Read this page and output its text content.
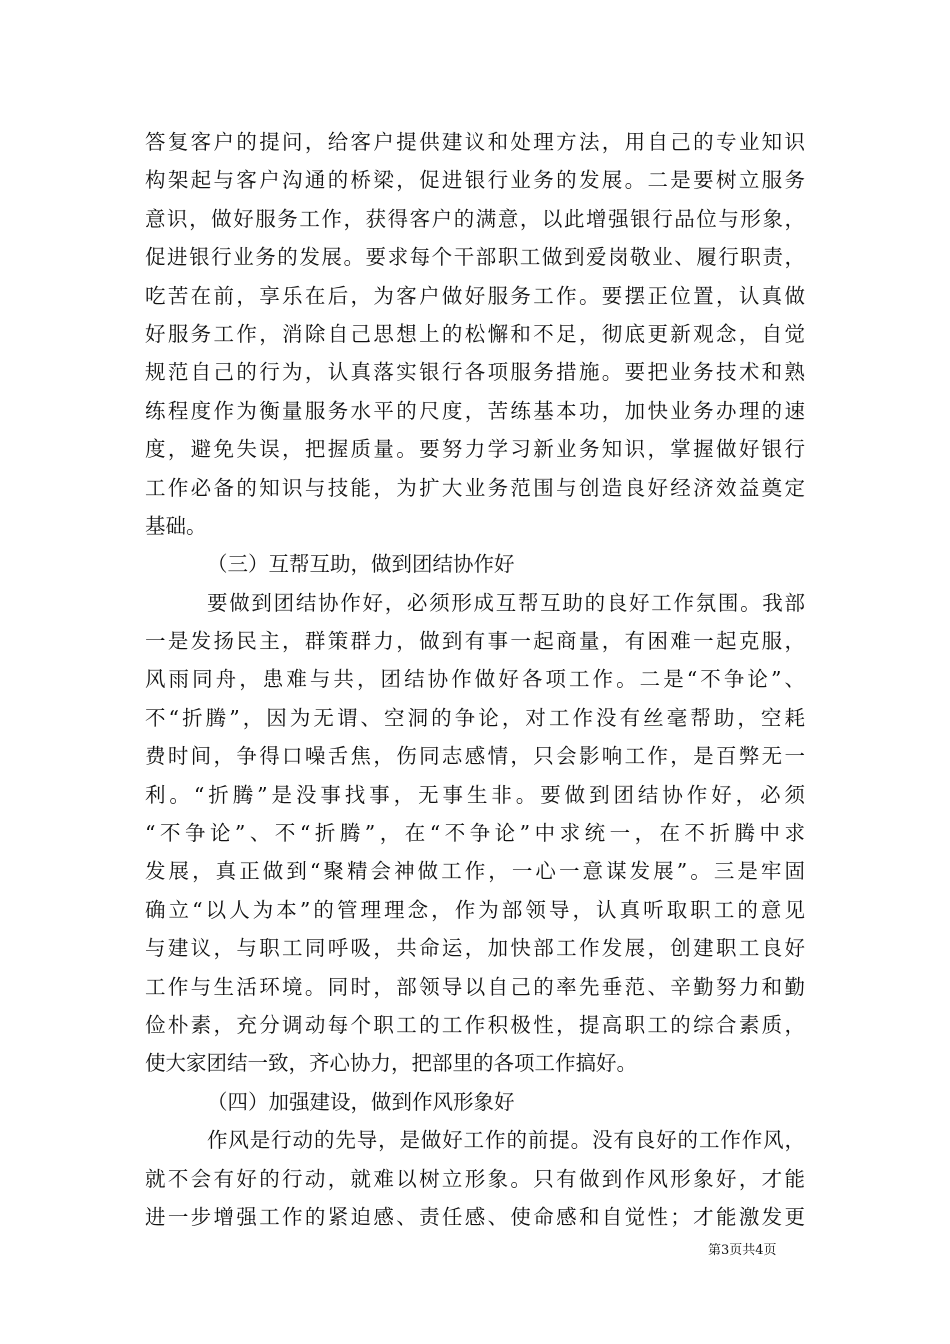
答复客户的提问，给客户提供建议和处理方法，用自己的专业知识
构架起与客户沟通的桥梁，促进银行业务的发展。二是要树立服务
意识，做好服务工作，获得客户的满意，以此增强银行品位与形象，
促进银行业务的发展。要求每个干部职工做到爱岗敬业、履行职责，
吃苦在前，享乐在后，为客户做好服务工作。要摆正位置，认真做
好服务工作，消除自己思想上的松懈和不足，彻底更新观念，自觉
规范自己的行为，认真落实银行各项服务措施。要把业务技术和熟
练程度作为衡量服务水平的尺度，苦练基本功，加快业务办理的速
度，避免失误，把握质量。要努力学习新业务知识，掌握做好银行
工作必备的知识与技能，为扩大业务范围与创造良好经济效益奠定
基础。
（三）互帮互助，做到团结协作好
要做到团结协作好，必须形成互帮互助的良好工作氛围。我部
一是发扬民主，群策群力，做到有事一起商量，有困难一起克服，
风雨同舟，患难与共，团结协作做好各项工作。二是“不争论”、
不“折腾”，因为无谓、空洞的争论，对工作没有丝毫帮助，空耗
费时间，争得口噪舌焦，伤同志感情，只会影响工作，是百弊无一
利。“折腾”是没事找事，无事生非。要做到团结协作好，必须
“不争论”、不“折腾”，在“不争论”中求统一，在不折腾中求
发展，真正做到“聚精会神做工作，一心一意谋发展”。三是牢固
确立“以人为本”的管理理念，作为部领导，认真听取职工的意见
与建议，与职工同呼吸，共命运，加快部工作发展，创建职工良好
工作与生活环境。同时，部领导以自己的率先垂范、辛勤努力和勤
俭朴素，充分调动每个职工的工作积极性，提高职工的综合素质，
使大家团结一致，齐心协力，把部里的各项工作搞好。
（四）加强建设，做到作风形象好
作风是行动的先导，是做好工作的前提。没有良好的工作作风，
就不会有好的行动，就难以树立形象。只有做到作风形象好，才能
进一步增强工作的紧迫感、责任感、使命感和自觉性；才能激发更
第3页共4页
